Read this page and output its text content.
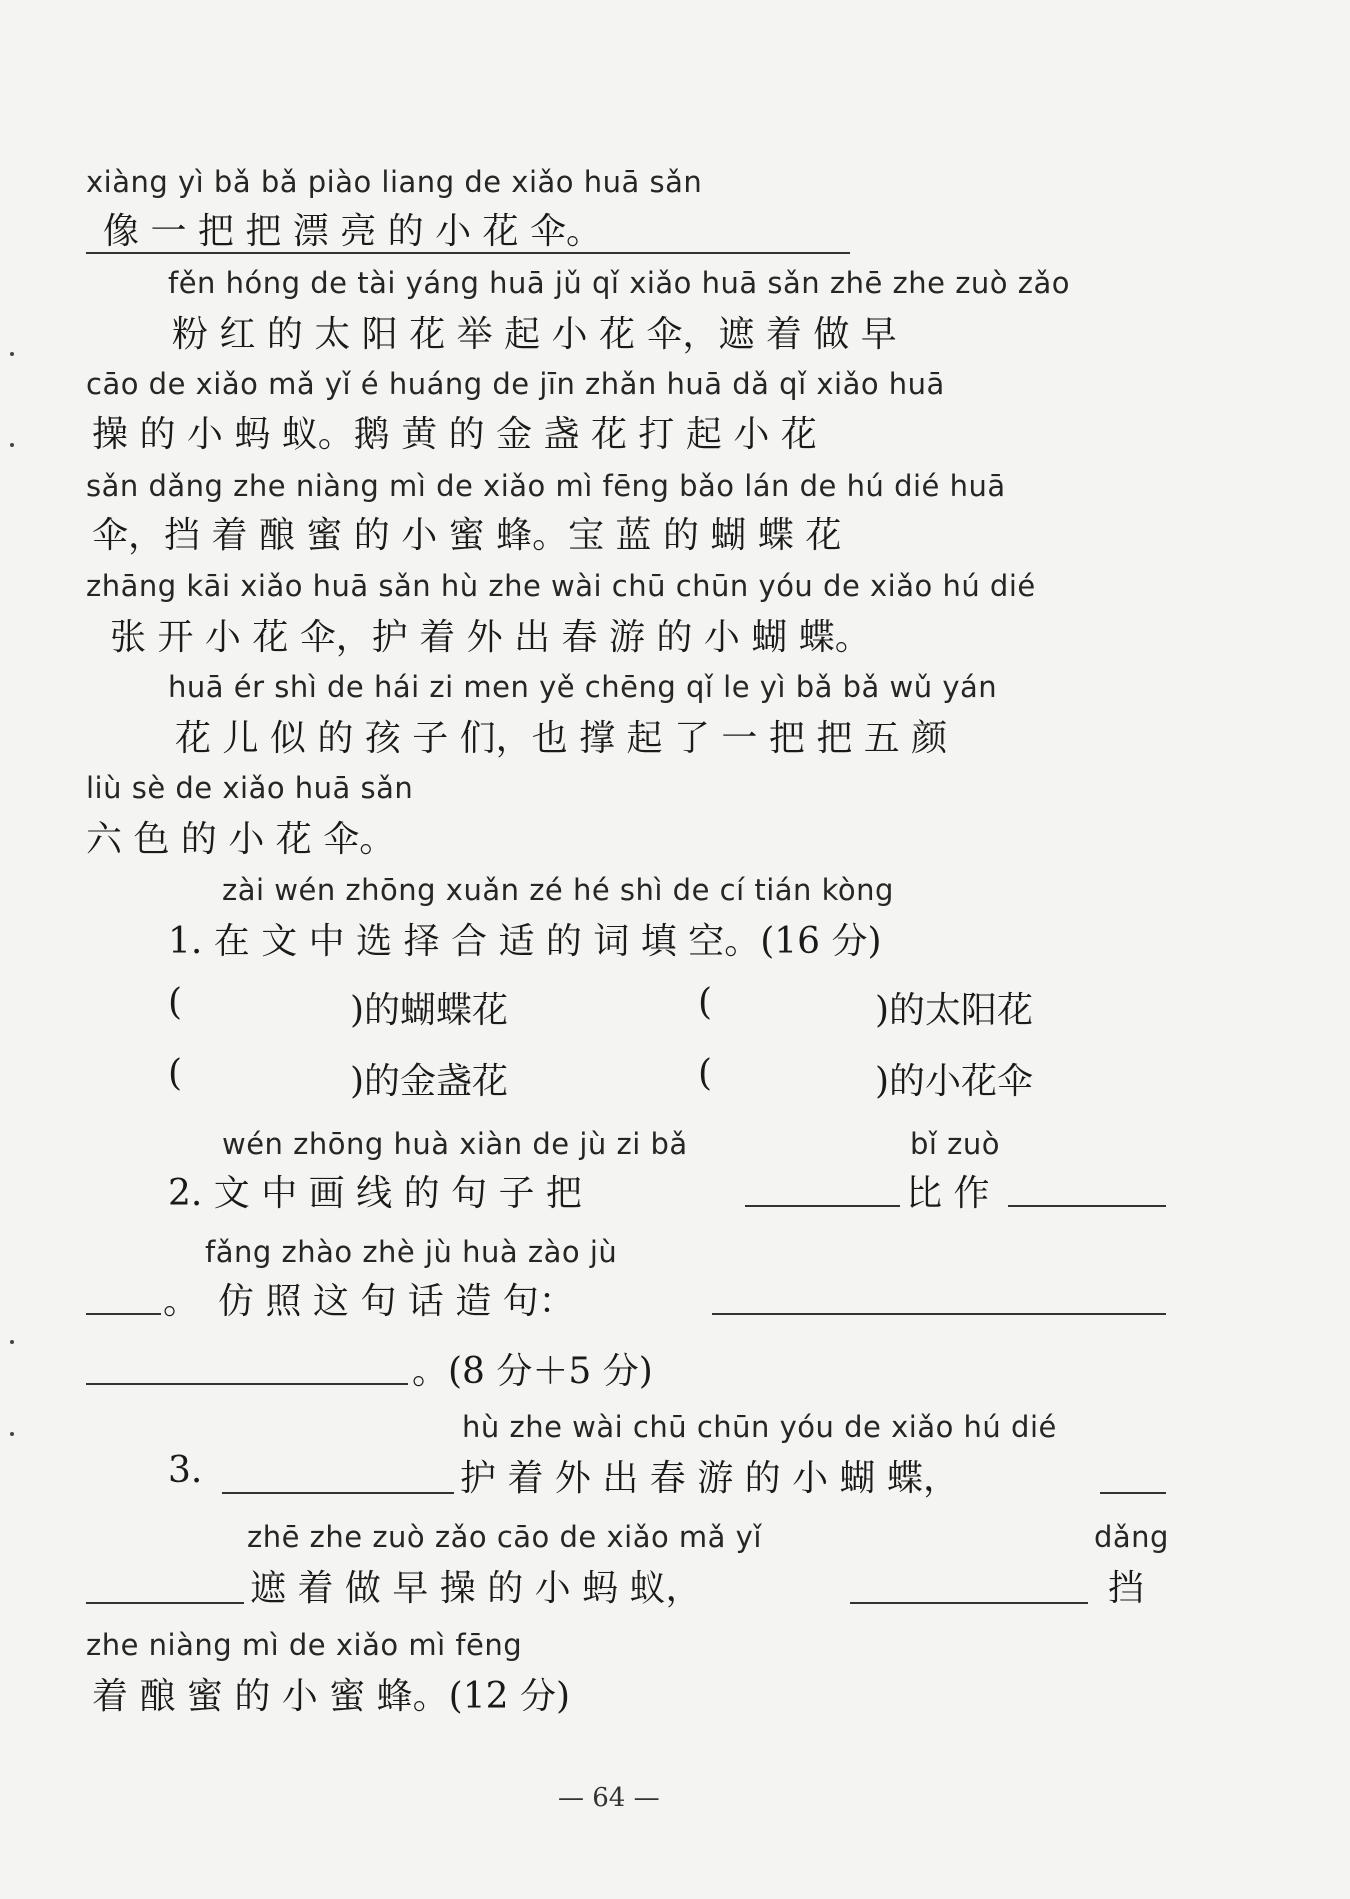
xiàng yì bǎ bǎ piào liang de xiǎo huā sǎn
像 一 把 把 漂 亮 的 小 花 伞。
fěn hóng de tài yáng huā jǔ qǐ xiǎo huā sǎn zhē zhe zuò zǎo
粉 红 的 太 阳 花 举 起 小 花 伞，遮 着 做 早
cāo de xiǎo mǎ yǐ é huáng de jīn zhǎn huā dǎ qǐ xiǎo huā
操 的 小 蚂 蚁。鹅 黄 的 金 盏 花 打 起 小 花
sǎn dǎng zhe niàng mì de xiǎo mì fēng bǎo lán de hú dié huā
伞，挡 着 酿 蜜 的 小 蜜 蜂。宝 蓝 的 蝴 蝶 花
zhāng kāi xiǎo huā sǎn hù zhe wài chū chūn yóu de xiǎo hú dié
张 开 小 花 伞，护 着 外 出 春 游 的 小 蝴 蝶。
huā ér shì de hái zi men yě chēng qǐ le yì bǎ bǎ wǔ yán
花 儿 似 的 孩 子 们，也 撑 起 了 一 把 把 五 颜
liù sè de xiǎo huā sǎn
六 色 的 小 花 伞。
zài wén zhōng xuǎn zé hé shì de cí tián kòng
1. 在 文 中 选 择 合 适 的 词 填 空。(16 分)
(	)的蝴蝶花	(	)的太阳花
(	)的金盏花	(	)的小花伞
wén zhōng huà xiàn de jù zi bǎ	bǐ zuò
2. 文 中 画 线 的 句 子 把	比 作
fǎng zhào zhè jù huà zào jù
。 仿 照 这 句 话 造 句：
。(8 分＋5 分)
hù zhe wài chū chūn yóu de xiǎo hú dié
3.	护 着 外 出 春 游 的 小 蝴 蝶，
zhē zhe zuò zǎo cāo de xiǎo mǎ yǐ	dǎng
遮 着 做 早 操 的 小 蚂 蚁，	挡
zhe niàng mì de xiǎo mì fēng
着 酿 蜜 的 小 蜜 蜂。(12 分)
— 64 —
